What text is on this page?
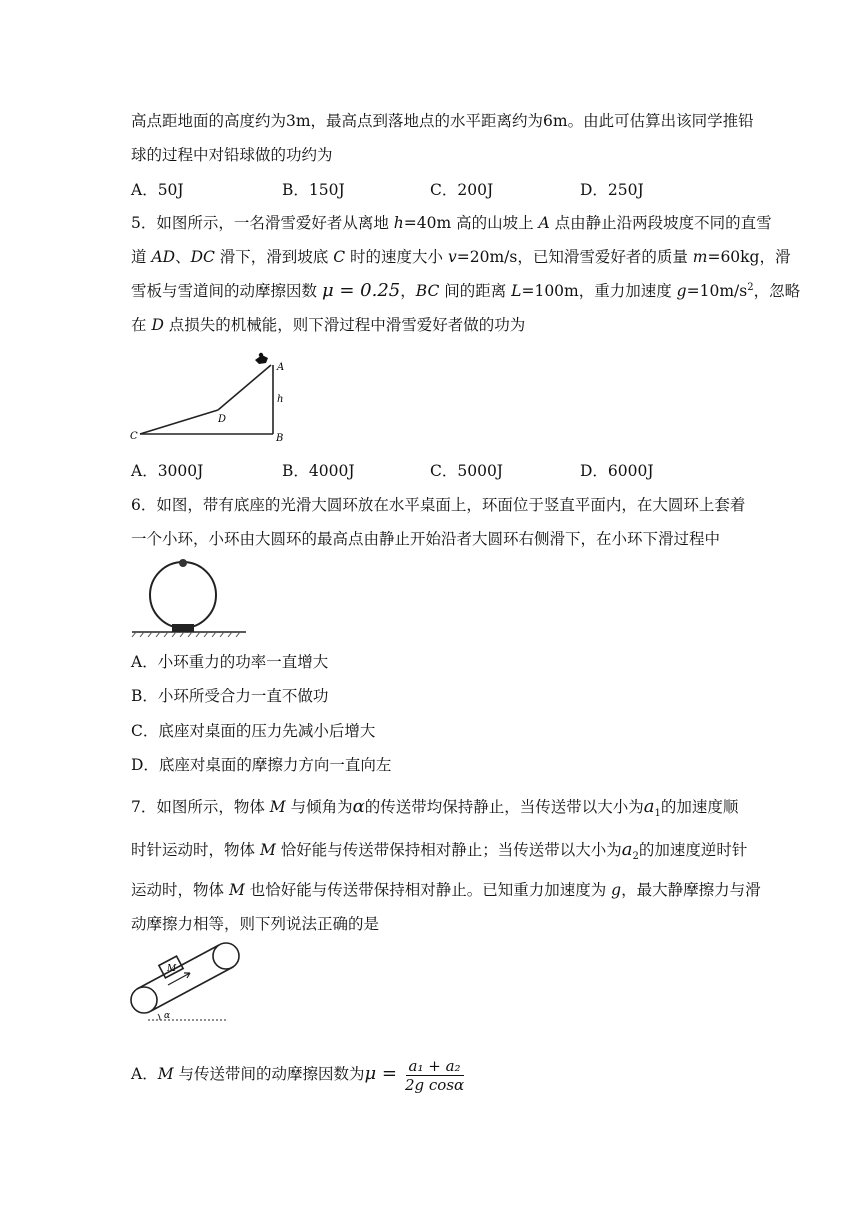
高点距地面的高度约为3m，最高点到落地点的水平距离约为6m。由此可估算出该同学推铅
球的过程中对铅球做的功约为
A．50J	B．150J	C．200J	D．250J
5．如图所示，一名滑雪爱好者从离地 h=40m 高的山坡上 A 点由静止沿两段坡度不同的直雪
道 AD、DC 滑下，滑到坡底 C 时的速度大小 v=20m/s，已知滑雪爱好者的质量 m=60kg，滑
雪板与雪道间的动摩擦因数 μ = 0.25，BC 间的距离 L=100m，重力加速度 $g=10m/s^2$，忽略
在 D 点损失的机械能，则下滑过程中滑雪爱好者做的功为
A
h
B
C
D
A．3000J	B．4000J	C．5000J	D．6000J
6．如图，带有底座的光滑大圆环放在水平桌面上，环面位于竖直平面内，在大圆环上套着
一个小环，小环由大圆环的最高点由静止开始沿者大圆环右侧滑下，在小环下滑过程中
A．小环重力的功率一直增大
B．小环所受合力一直不做功
C．底座对桌面的压力先减小后增大
D．底座对桌面的摩擦力方向一直向左
7．如图所示，物体 M 与倾角为α的传送带均保持静止，当传送带以大小为$a_1$的加速度顺
时针运动时，物体 M 恰好能与传送带保持相对静止；当传送带以大小为$a_2$的加速度逆时针
运动时，物体 M 也恰好能与传送带保持相对静止。已知重力加速度为 g，最大静摩擦力与滑
动摩擦力相等，则下列说法正确的是
M
α
A．M 与传送带间的动摩擦因数为$\mu = \frac{\text{a₁ + a₂}}{\text{2g cosα}}$
